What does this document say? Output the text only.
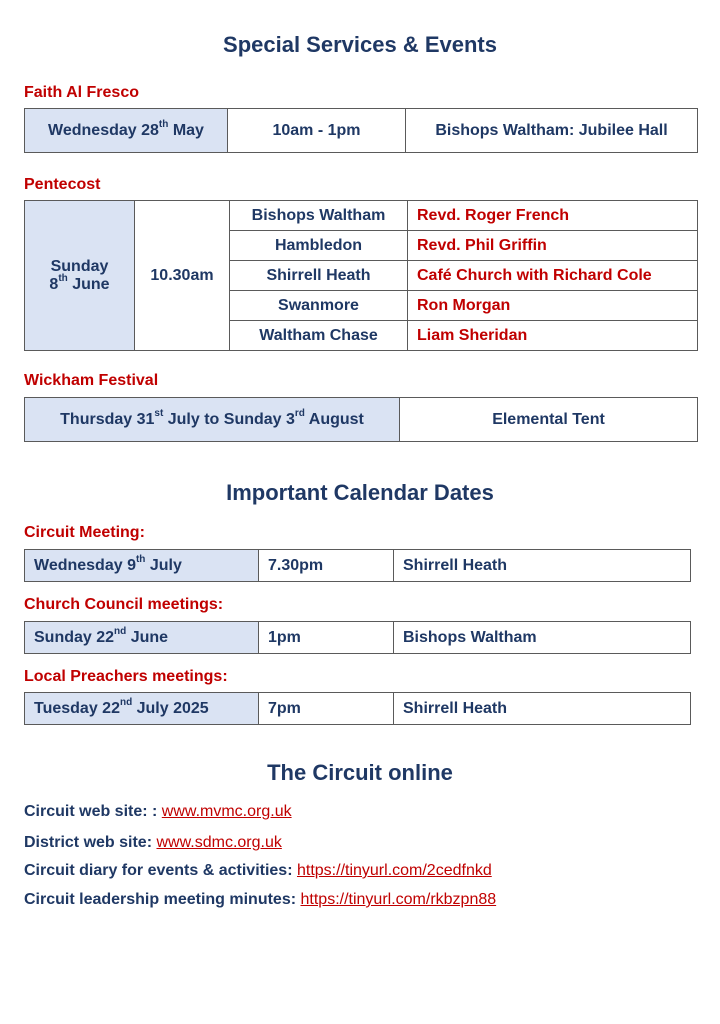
Special Services & Events
Faith Al Fresco
Wednesday 28th May	10am - 1pm	Bishops Waltham: Jubilee Hall
Pentecost
Sunday
8th June	10.30am	Bishops Waltham	Revd. Roger French
		Hambledon	Revd. Phil Griffin
		Shirrell Heath	Café Church with Richard Cole
		Swanmore	Ron Morgan
		Waltham Chase	Liam Sheridan
Wickham Festival
Thursday 31st July to Sunday 3rd August	Elemental Tent
Important Calendar Dates
Circuit Meeting:
Wednesday 9th July	7.30pm	Shirrell Heath
Church Council meetings:
Sunday 22nd June	1pm	Bishops Waltham
Local Preachers meetings:
Tuesday 22nd July 2025	7pm	Shirrell Heath
The Circuit online
Circuit web site: : www.mvmc.org.uk
District web site: www.sdmc.org.uk
Circuit diary for events & activities: https://tinyurl.com/2cedfnkd
Circuit leadership meeting minutes: https://tinyurl.com/rkbzpn88
